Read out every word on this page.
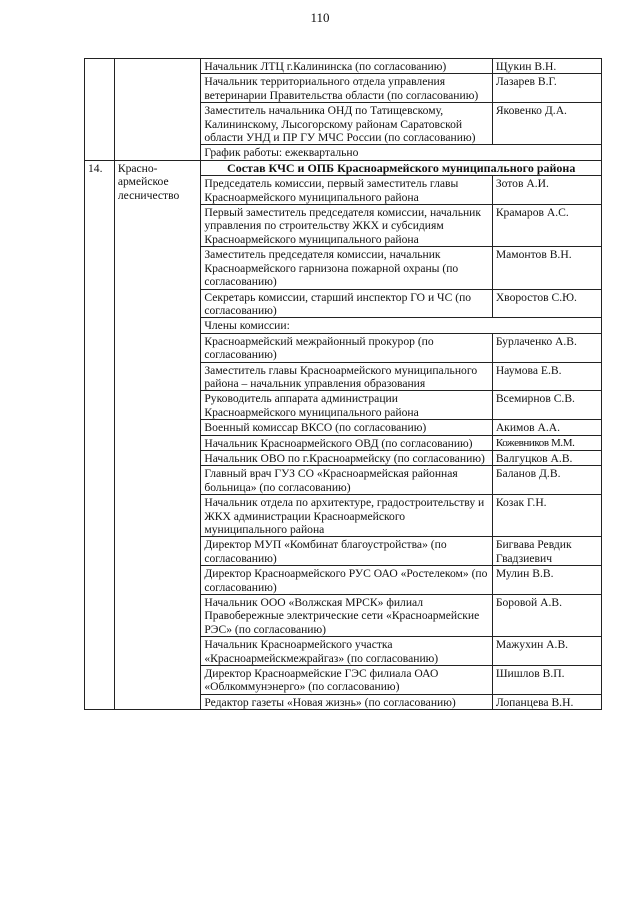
110
		Начальник ЛТЦ г.Калининска (по согласованию)	Щукин В.Н.
		Начальник территориального отдела управления ветеринарии Правительства области (по согласованию)	Лазарев В.Г.
		Заместитель начальника ОНД по Татищевскому, Калининскому, Лысогорскому районам Саратовской области УНД и ПР ГУ МЧС России (по согласованию)	Яковенко Д.А.
		График работы: ежеквартально	
14.	Красно-армейское лесничество	Состав КЧС и ОПБ Красноармейского муниципального района	
		Председатель комиссии, первый заместитель главы Красноармейского муниципального района	Зотов А.И.
		Первый заместитель председателя комиссии, начальник управления по строительству ЖКХ и субсидиям Красноармейского муниципального района	Крамаров А.С.
		Заместитель председателя комиссии, начальник Красноармейского гарнизона пожарной охраны (по согласованию)	Мамонтов В.Н.
		Секретарь комиссии, старший инспектор ГО и ЧС (по согласованию)	Хворостов С.Ю.
		Члены комиссии:	
		Красноармейский межрайонный прокурор (по согласованию)	Бурлаченко А.В.
		Заместитель главы Красноармейского муниципального района – начальник управления образования	Наумова Е.В.
		Руководитель аппарата администрации Красноармейского муниципального района	Всемирнов С.В.
		Военный комиссар ВКСО (по согласованию)	Акимов А.А.
		Начальник Красноармейского ОВД (по согласованию)	Кожевников М.М.
		Начальник ОВО по г.Красноармейску (по согласованию)	Валгуцков А.В.
		Главный врач ГУЗ СО «Красноармейская районная больница» (по согласованию)	Баланов Д.В.
		Начальник отдела по архитектуре, градостроительству и ЖКХ администрации Красноармейского муниципального района	Козак Г.Н.
		Директор МУП «Комбинат благоустройства» (по согласованию)	Бигвава Ревдик Гвадзиевич
		Директор Красноармейского РУС ОАО «Ростелеком» (по согласованию)	Мулин В.В.
		Начальник ООО «Волжская МРСК» филиал Правобережные электрические сети «Красноармейские РЭС» (по согласованию)	Боровой А.В.
		Начальник Красноармейского участка «Красноармейскмежрайгаз» (по согласованию)	Мажухин А.В.
		Директор Красноармейские ГЭС филиала ОАО «Облкоммунэнерго» (по согласованию)	Шишлов В.П.
		Редактор газеты «Новая жизнь» (по согласованию)	Лопанцева В.Н.
